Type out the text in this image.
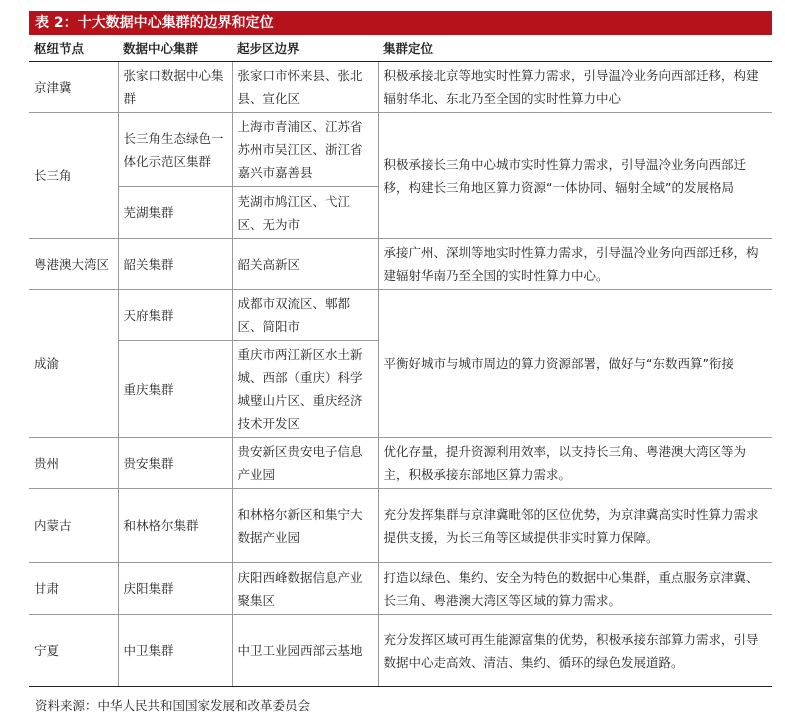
表 2：十大数据中心集群的边界和定位
枢纽节点	数据中心集群	起步区边界	集群定位
京津冀	张家口数据中心集群	张家口市怀来县、张北县、宣化区	积极承接北京等地实时性算力需求，引导温冷业务向西部迁移，构建辐射华北、东北乃至全国的实时性算力中心
长三角	长三角生态绿色一体化示范区集群	上海市青浦区、江苏省苏州市吴江区、浙江省嘉兴市嘉善县	积极承接长三角中心城市实时性算力需求，引导温冷业务向西部迁移，构建长三角地区算力资源“一体协同、辐射全域”的发展格局
	芜湖集群	芜湖市鸠江区、弋江区、无为市	
粤港澳大湾区	韶关集群	韶关高新区	承接广州、深圳等地实时性算力需求，引导温冷业务向西部迁移，构建辐射华南乃至全国的实时性算力中心。
成渝	天府集群	成都市双流区、郫都区、简阳市	平衡好城市与城市周边的算力资源部署，做好与“东数西算”衔接
	重庆集群	重庆市两江新区水土新城、西部（重庆）科学城璧山片区、重庆经济技术开发区	
贵州	贵安集群	贵安新区贵安电子信息产业园	优化存量，提升资源利用效率，以支持长三角、粤港澳大湾区等为主，积极承接东部地区算力需求。
内蒙古	和林格尔集群	和林格尔新区和集宁大数据产业园	充分发挥集群与京津冀毗邻的区位优势，为京津冀高实时性算力需求提供支援，为长三角等区域提供非实时算力保障。
甘肃	庆阳集群	庆阳西峰数据信息产业聚集区	打造以绿色、集约、安全为特色的数据中心集群，重点服务京津冀、长三角、粤港澳大湾区等区域的算力需求。
宁夏	中卫集群	中卫工业园西部云基地	充分发挥区域可再生能源富集的优势，积极承接东部算力需求，引导数据中心走高效、清洁、集约、循环的绿色发展道路。
资料来源：中华人民共和国国家发展和改革委员会
